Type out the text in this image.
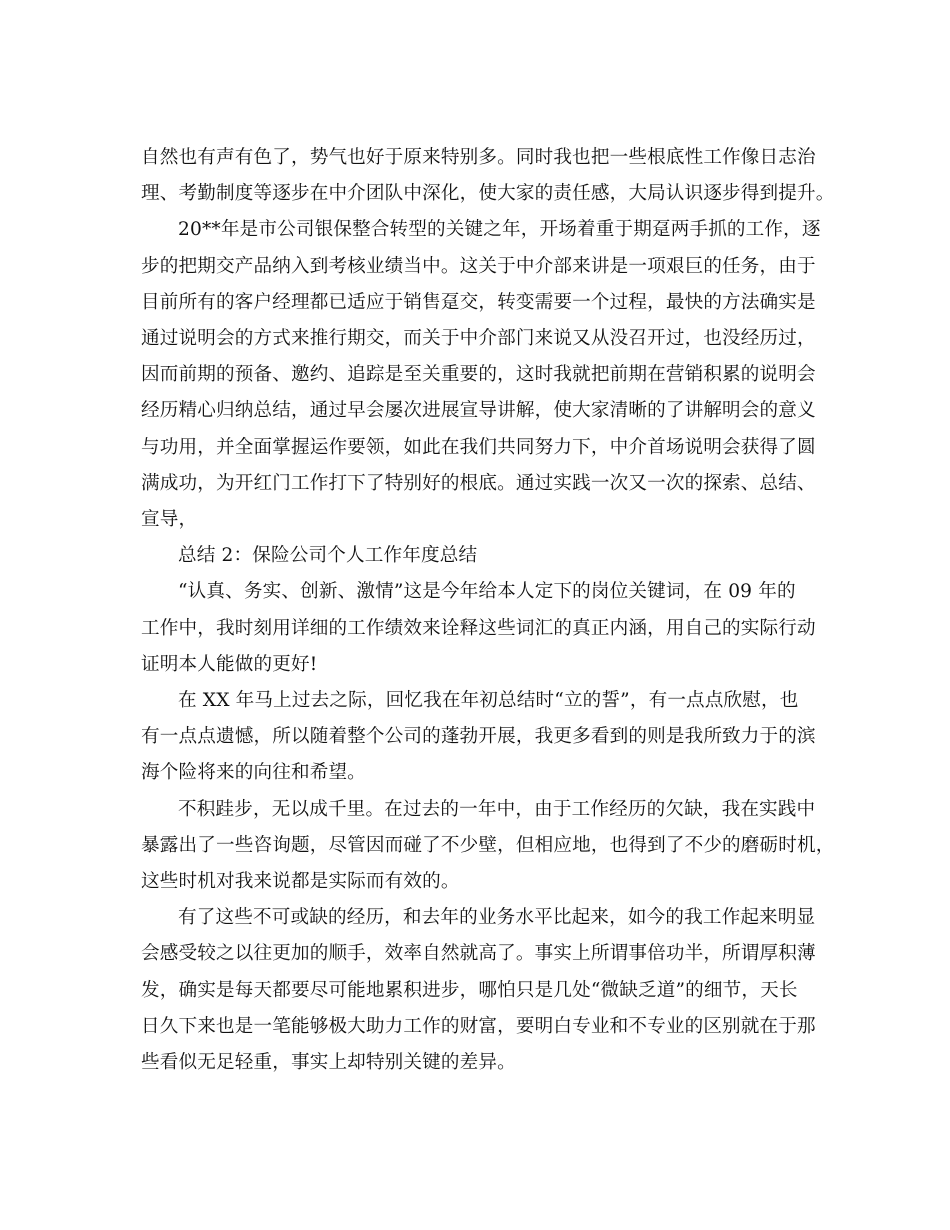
自然也有声有色了，势气也好于原来特别多。同时我也把一些根底性工作像日志治
理、考勤制度等逐步在中介团队中深化，使大家的责任感，大局认识逐步得到提升。

20**年是市公司银保整合转型的关键之年，开场着重于期趸两手抓的工作，逐
步的把期交产品纳入到考核业绩当中。这关于中介部来讲是一项艰巨的任务，由于
目前所有的客户经理都已适应于销售趸交，转变需要一个过程，最快的方法确实是
通过说明会的方式来推行期交，而关于中介部门来说又从没召开过，也没经历过，
因而前期的预备、邀约、追踪是至关重要的，这时我就把前期在营销积累的说明会
经历精心归纳总结，通过早会屡次进展宣导讲解，使大家清晰的了讲解明会的意义
与功用，并全面掌握运作要领，如此在我们共同努力下，中介首场说明会获得了圆
满成功，为开红门工作打下了特别好的根底。通过实践一次又一次的探索、总结、
宣导，

总结 2：保险公司个人工作年度总结

“认真、务实、创新、激情”这是今年给本人定下的岗位关键词，在 09 年的
工作中，我时刻用详细的工作绩效来诠释这些词汇的真正内涵，用自己的实际行动
证明本人能做的更好!

在 XX 年马上过去之际，回忆我在年初总结时“立的誓”，有一点点欣慰，也
有一点点遗憾，所以随着整个公司的蓬勃开展，我更多看到的则是我所致力于的滨
海个险将来的向往和希望。

不积跬步，无以成千里。在过去的一年中，由于工作经历的欠缺，我在实践中
暴露出了一些咨询题，尽管因而碰了不少壁，但相应地，也得到了不少的磨砺时机，
这些时机对我来说都是实际而有效的。

有了这些不可或缺的经历，和去年的业务水平比起来，如今的我工作起来明显
会感受较之以往更加的顺手，效率自然就高了。事实上所谓事倍功半，所谓厚积薄
发，确实是每天都要尽可能地累积进步，哪怕只是几处“微缺乏道”的细节，天长
日久下来也是一笔能够极大助力工作的财富，要明白专业和不专业的区别就在于那
些看似无足轻重，事实上却特别关键的差异。
